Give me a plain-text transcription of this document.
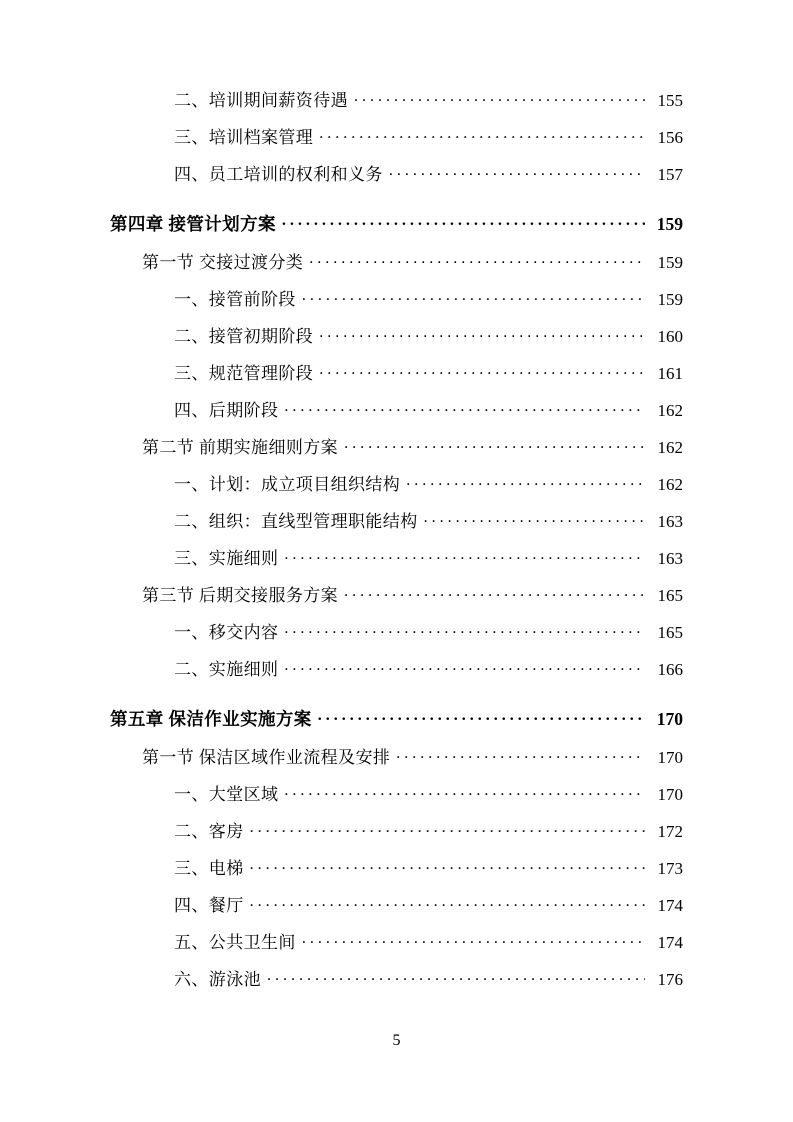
二、培训期间薪资待遇 . . .	155
三、培训档案管理 . . .	156
四、员工培训的权利和义务 . . .	157
第四章 接管计划方案 . . .	159
第一节 交接过渡分类 . . .	159
一、接管前阶段 . . .	159
二、接管初期阶段 . . .	160
三、规范管理阶段 . . .	161
四、后期阶段 . . .	162
第二节 前期实施细则方案 . . .	162
一、计划：成立项目组织结构 . . .	162
二、组织：直线型管理职能结构 . . .	163
三、实施细则 . . .	163
第三节 后期交接服务方案 . . .	165
一、移交内容 . . .	165
二、实施细则 . . .	166
第五章 保洁作业实施方案 . . .	170
第一节 保洁区域作业流程及安排 . . .	170
一、大堂区域 . . .	170
二、客房 . . .	172
三、电梯 . . .	173
四、餐厅 . . .	174
五、公共卫生间 . . .	174
六、游泳池 . . .	176
5
